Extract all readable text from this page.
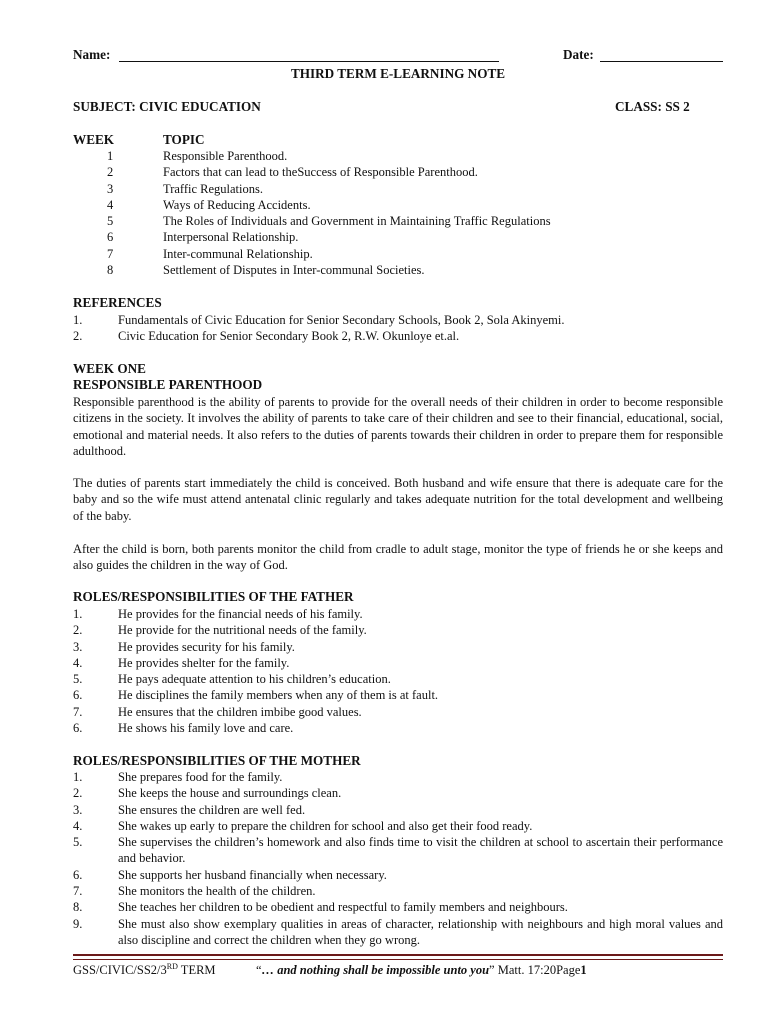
Name:	Date:
THIRD TERM E-LEARNING NOTE
SUBJECT: CIVIC EDUCATION	CLASS: SS 2
WEEK	TOPIC
1	Responsible Parenthood.
2	Factors that can lead to theSuccess of Responsible Parenthood.
3	Traffic Regulations.
4	Ways of Reducing Accidents.
5	The Roles of Individuals and Government in Maintaining Traffic Regulations
6	Interpersonal Relationship.
7	Inter-communal Relationship.
8	Settlement of Disputes in Inter-communal Societies.
REFERENCES
1.	Fundamentals of Civic Education for Senior Secondary Schools, Book 2, Sola Akinyemi.
2.	Civic Education for Senior Secondary Book 2, R.W. Okunloye et.al.
WEEK ONE
RESPONSIBLE PARENTHOOD

Responsible parenthood is the ability of parents to provide for the overall needs of their children in order to become responsible citizens in the society. It involves the ability of parents to take care of their children and see to their financial, educational, social, emotional and material needs. It also refers to the duties of parents towards their children in order to prepare them for responsible adulthood.

The duties of parents start immediately the child is conceived. Both husband and wife ensure that there is adequate care for the baby and so the wife must attend antenatal clinic regularly and takes adequate nutrition for the total development and wellbeing of the baby.

After the child is born, both parents monitor the child from cradle to adult stage, monitor the type of friends he or she keeps and also guides the children in the way of God.

ROLES/RESPONSIBILITIES OF THE FATHER
1.	He provides for the financial needs of his family.
2.	He provide for the nutritional needs of the family.
3.	He provides security for his family.
4.	He provides shelter for the family.
5.	He pays adequate attention to his children’s education.
6.	He disciplines the family members when any of them is at fault.
7.	He ensures that the children imbibe good values.
6.	He shows his family love and care.
ROLES/RESPONSIBILITIES OF THE MOTHER
1.	She prepares food for the family.
2.	She keeps the house and surroundings clean.
3.	She ensures the children are well fed.
4.	She wakes up early to prepare the children for school and also get their food ready.
5.	She supervises the children’s homework and also finds time to visit the children at school to ascertain their performance and behavior.
6.	She supports her husband financially when necessary.
7.	She monitors the health of the children.
8.	She teaches her children to be obedient and respectful to family members and neighbours.
9.	She must also show exemplary qualities in areas of character, relationship with neighbours and high moral values and also discipline and correct the children when they go wrong.
GSS/CIVIC/SS2/3RD TERM	“… and nothing shall be impossible unto you” Matt. 17:20Page1
